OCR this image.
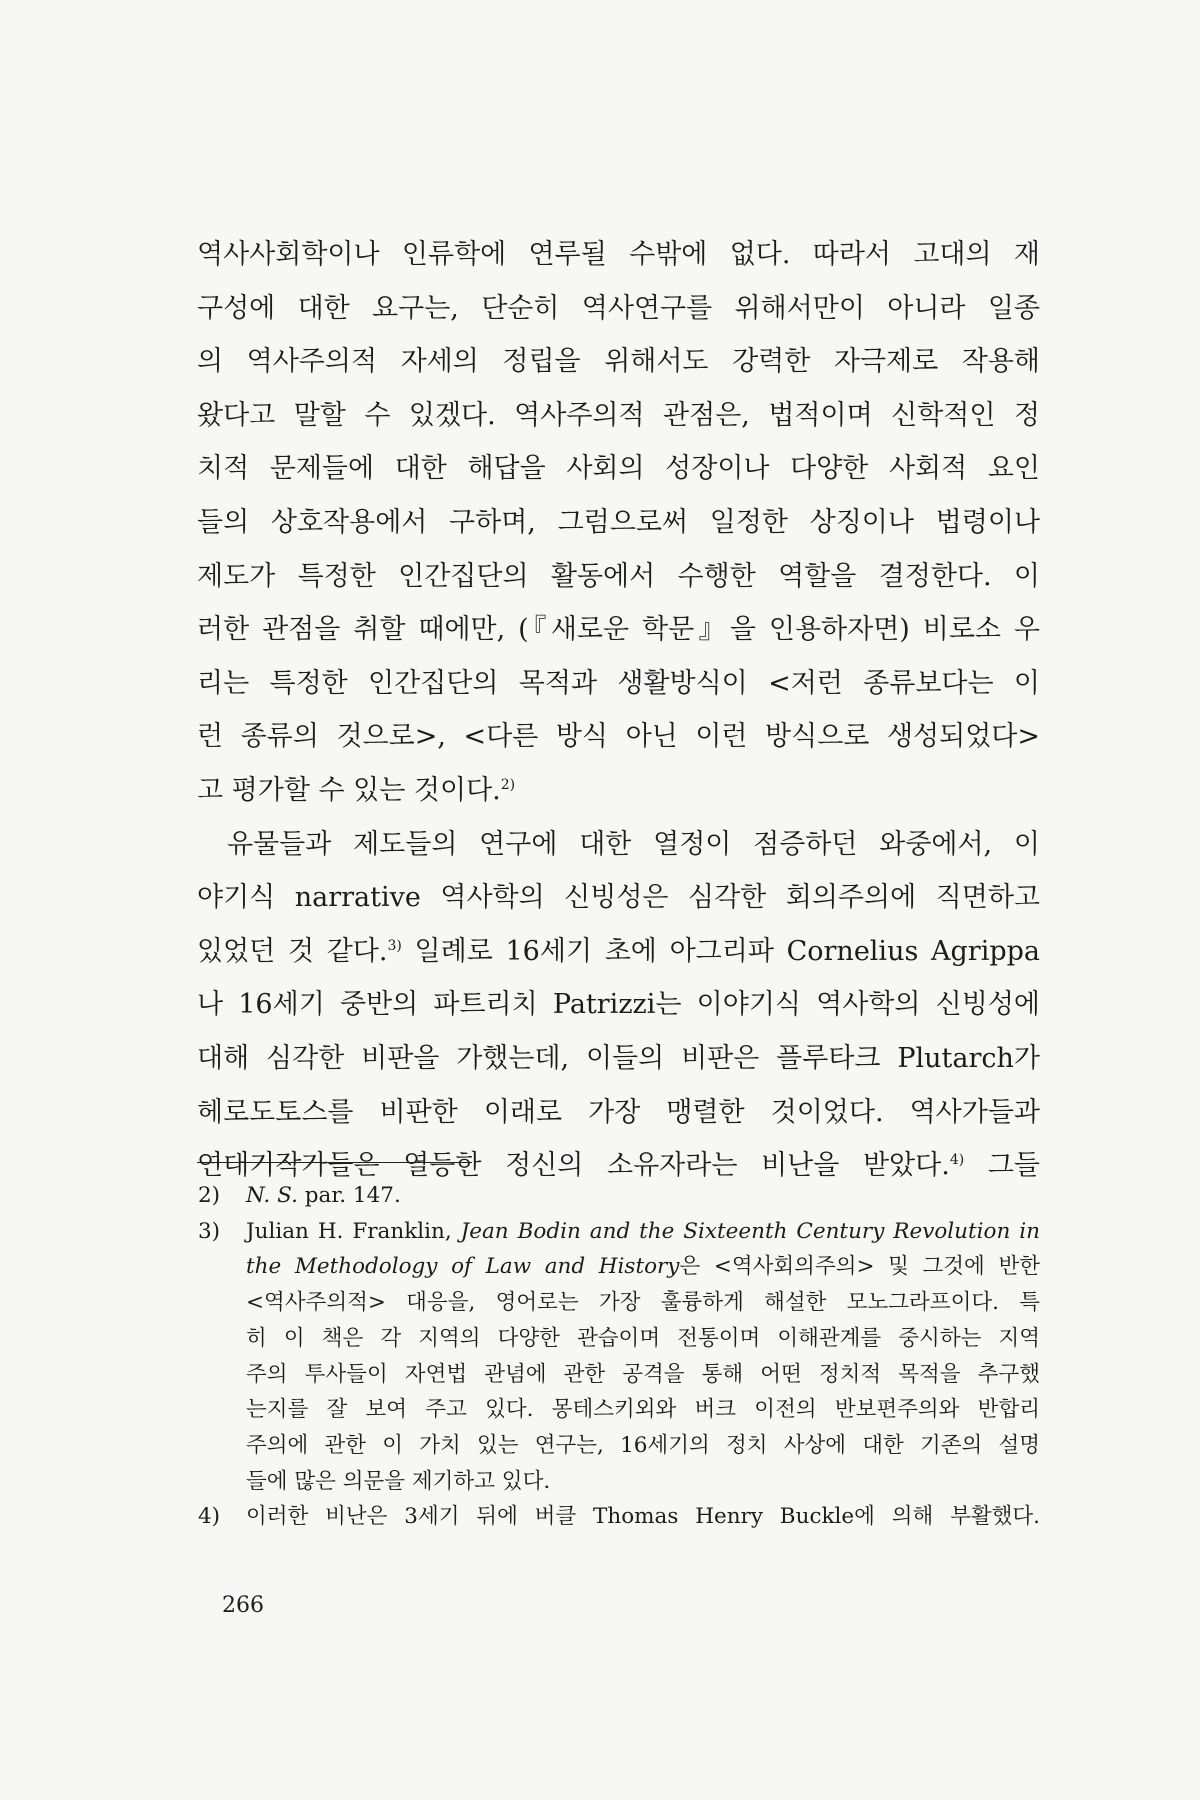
역사사회학이나 인류학에 연루될 수밖에 없다. 따라서 고대의 재
구성에 대한 요구는, 단순히 역사연구를 위해서만이 아니라 일종
의 역사주의적 자세의 정립을 위해서도 강력한 자극제로 작용해
왔다고 말할 수 있겠다. 역사주의적 관점은, 법적이며 신학적인 정
치적 문제들에 대한 해답을 사회의 성장이나 다양한 사회적 요인
들의 상호작용에서 구하며, 그럼으로써 일정한 상징이나 법령이나
제도가 특정한 인간집단의 활동에서 수행한 역할을 결정한다. 이
러한 관점을 취할 때에만, (『새로운 학문』을 인용하자면) 비로소 우
리는 특정한 인간집단의 목적과 생활방식이 <저런 종류보다는 이
런 종류의 것으로>, <다른 방식 아닌 이런 방식으로 생성되었다>
고 평가할 수 있는 것이다.$^{2)}$
유물들과 제도들의 연구에 대한 열정이 점증하던 와중에서, 이
야기식 narrative 역사학의 신빙성은 심각한 회의주의에 직면하고
있었던 것 같다.$^{3)}$ 일례로 16세기 초에 아그리파 Cornelius Agrippa
나 16세기 중반의 파트리치 Patrizzi는 이야기식 역사학의 신빙성에
대해 심각한 비판을 가했는데, 이들의 비판은 플루타크 Plutarch가
헤로도토스를 비판한 이래로 가장 맹렬한 것이었다. 역사가들과
연대기작가들은 열등한 정신의 소유자라는 비난을 받았다.$^{4)}$ 그들
2)	N. S. par. 147.
3)	Julian H. Franklin, Jean Bodin and the Sixteenth Century Revolution in
the Methodology of Law and History은 <역사회의주의> 및 그것에 반한
<역사주의적> 대응을, 영어로는 가장 훌륭하게 해설한 모노그라프이다. 특
히 이 책은 각 지역의 다양한 관습이며 전통이며 이해관계를 중시하는 지역
주의 투사들이 자연법 관념에 관한 공격을 통해 어떤 정치적 목적을 추구했
는지를 잘 보여 주고 있다. 몽테스키외와 버크 이전의 반보편주의와 반합리
주의에 관한 이 가치 있는 연구는, 16세기의 정치 사상에 대한 기존의 설명
들에 많은 의문을 제기하고 있다.
4)	이러한 비난은 3세기 뒤에 버클 Thomas Henry Buckle에 의해 부활했다.
266
